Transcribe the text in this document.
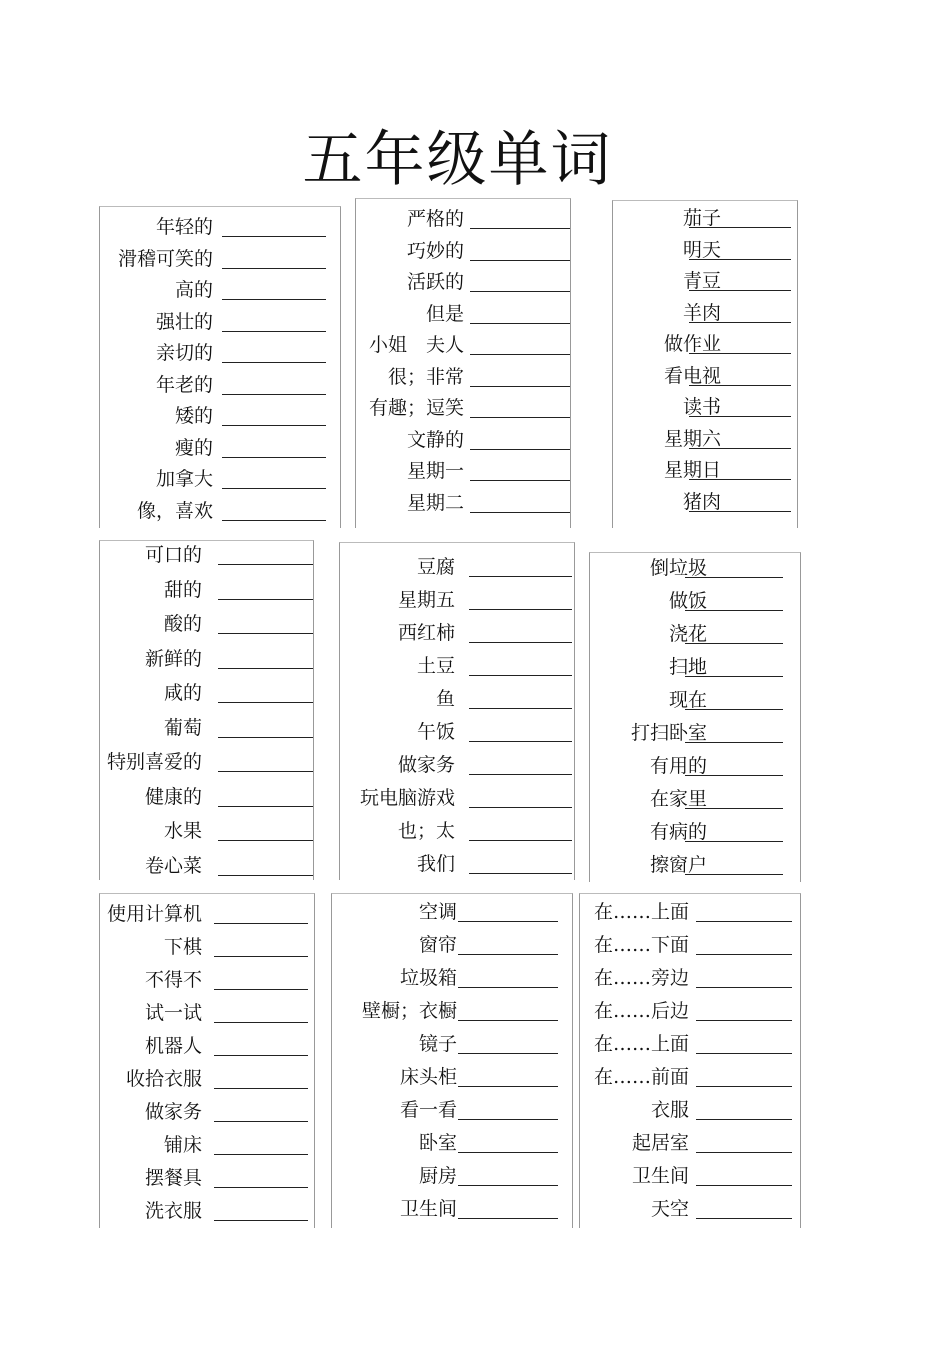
五年级单词
年轻的
滑稽可笑的
高的
强壮的
亲切的
年老的
矮的
瘦的
加拿大
像，喜欢
严格的
巧妙的
活跃的
但是
小姐　夫人
很；非常
有趣；逗笑
文静的
星期一
星期二
茄子
明天
青豆
羊肉
做作业
看电视
读书
星期六
星期日
猪肉
可口的
甜的
酸的
新鲜的
咸的
葡萄
特别喜爱的
健康的
水果
卷心菜
豆腐
星期五
西红柿
土豆
鱼
午饭
做家务
玩电脑游戏
也；太
我们
倒垃圾
做饭
浇花
扫地
现在
打扫卧室
有用的
在家里
有病的
擦窗户
使用计算机
下棋
不得不
试一试
机器人
收拾衣服
做家务
铺床
摆餐具
洗衣服
空调
窗帘
垃圾箱
壁橱；衣橱
镜子
床头柜
看一看
卧室
厨房
卫生间
在……上面
在……下面
在……旁边
在……后边
在……上面
在……前面
衣服
起居室
卫生间
天空
